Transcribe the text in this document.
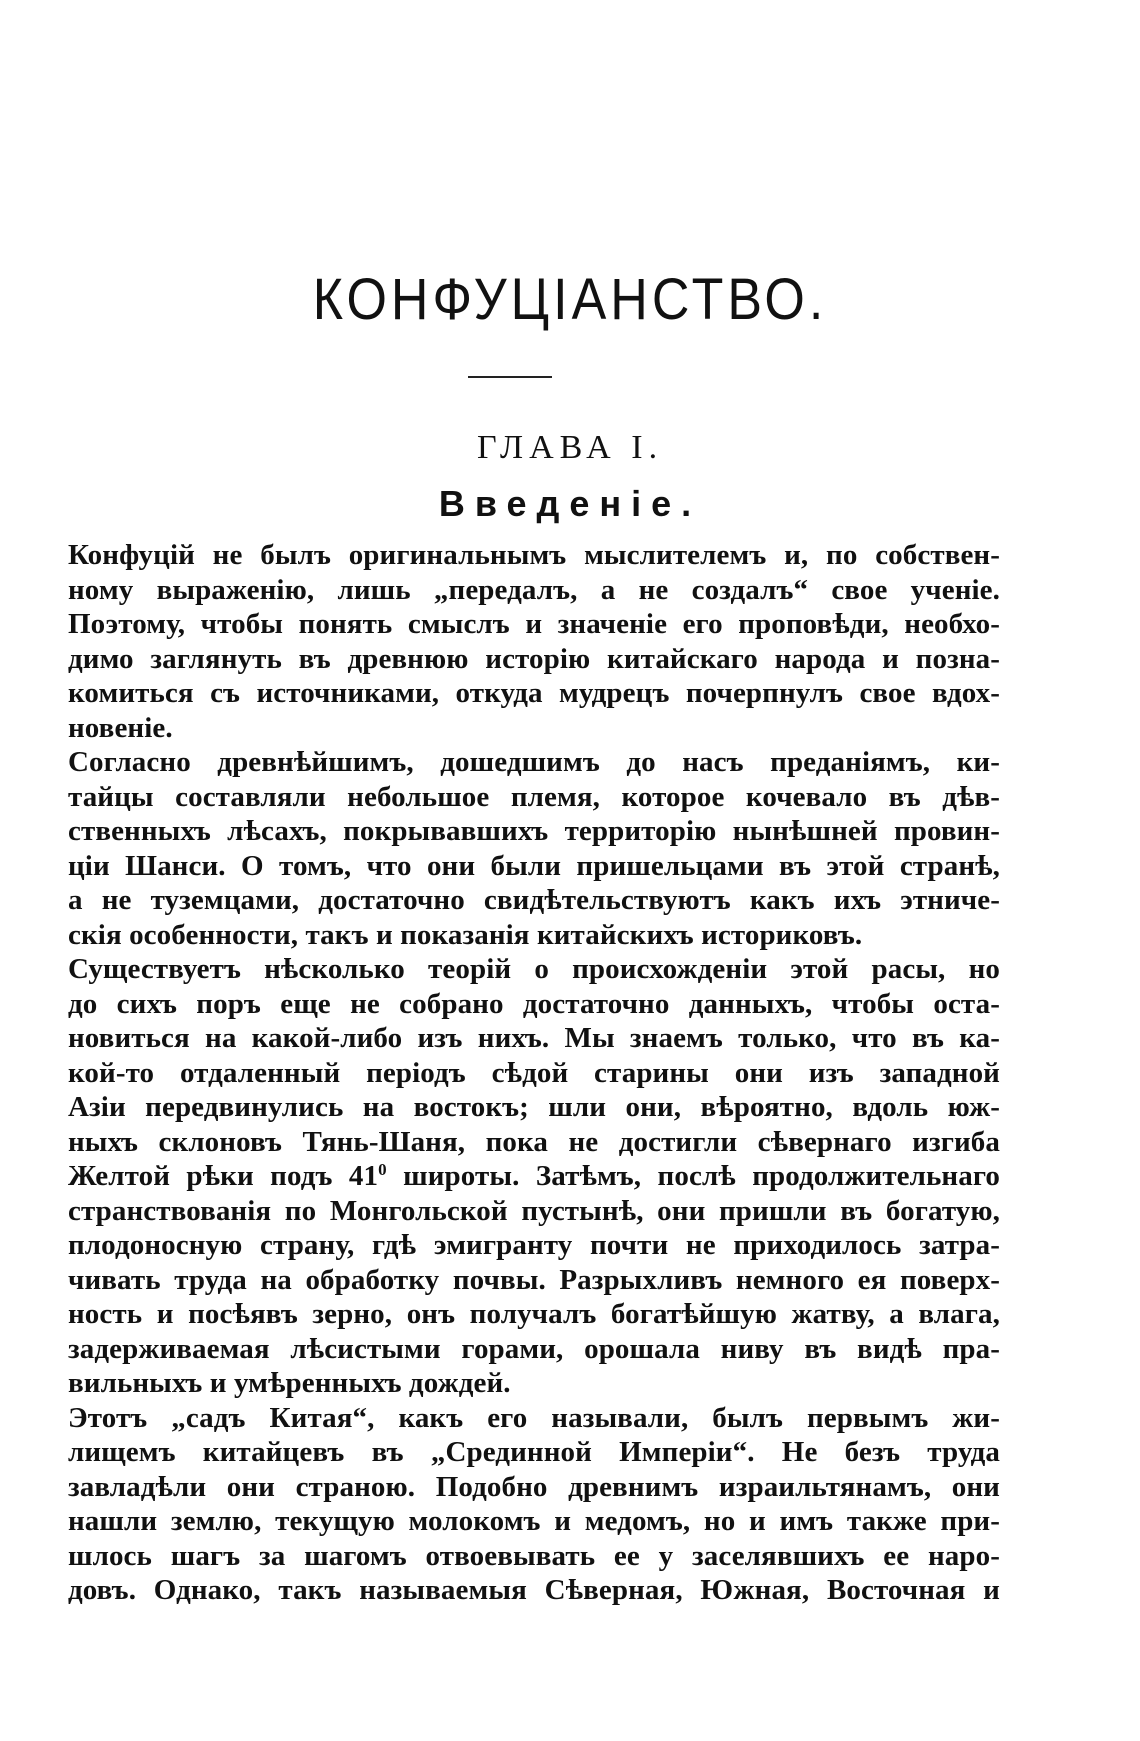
КОНФУЦІАНСТВО.
ГЛАВА I.
Введеніе.
Конфуцій не былъ оригинальнымъ мыслителемъ и, по собствен-
ному выраженію, лишь „передалъ, а не создалъ“ свое ученіе.
Поэтому, чтобы понять смыслъ и значеніе его проповѣди, необхо-
димо заглянуть въ древнюю исторію китайскаго народа и позна-
комиться съ источниками, откуда мудрецъ почерпнулъ свое вдох-
новеніе.
Согласно древнѣйшимъ, дошедшимъ до насъ преданіямъ, ки-
тайцы составляли небольшое племя, которое кочевало въ дѣв-
ственныхъ лѣсахъ, покрывавшихъ территорію нынѣшней провин-
ціи Шанси. О томъ, что они были пришельцами въ этой странѣ,
а не туземцами, достаточно свидѣтельствуютъ какъ ихъ этниче-
скія особенности, такъ и показанія китайскихъ историковъ.
Существуетъ нѣсколько теорій о происхожденіи этой расы, но
до сихъ поръ еще не собрано достаточно данныхъ, чтобы оста-
новиться на какой-либо изъ нихъ. Мы знаемъ только, что въ ка-
кой-то отдаленный періодъ сѣдой старины они изъ западной
Азіи передвинулись на востокъ; шли они, вѣроятно, вдоль юж-
ныхъ склоновъ Тянь-Шаня, пока не достигли сѣвернаго изгиба
Желтой рѣки подъ $41^0$ широты. Затѣмъ, послѣ продолжительнаго
странствованія по Монгольской пустынѣ, они пришли въ богатую,
плодоносную страну, гдѣ эмигранту почти не приходилось затра-
чивать труда на обработку почвы. Разрыхливъ немного ея поверх-
ность и посѣявъ зерно, онъ получалъ богатѣйшую жатву, а влага,
задерживаемая лѣсистыми горами, орошала ниву въ видѣ пра-
вильныхъ и умѣренныхъ дождей.
Этотъ „садъ Китая“, какъ его называли, былъ первымъ жи-
лищемъ китайцевъ въ „Срединной Имперіи“. Не безъ труда
завладѣли они страною. Подобно древнимъ израильтянамъ, они
нашли землю, текущую молокомъ и медомъ, но и имъ также при-
шлось шагъ за шагомъ отвоевывать ее у заселявшихъ ее наро-
довъ. Однако, такъ называемыя Сѣверная, Южная, Восточная и
